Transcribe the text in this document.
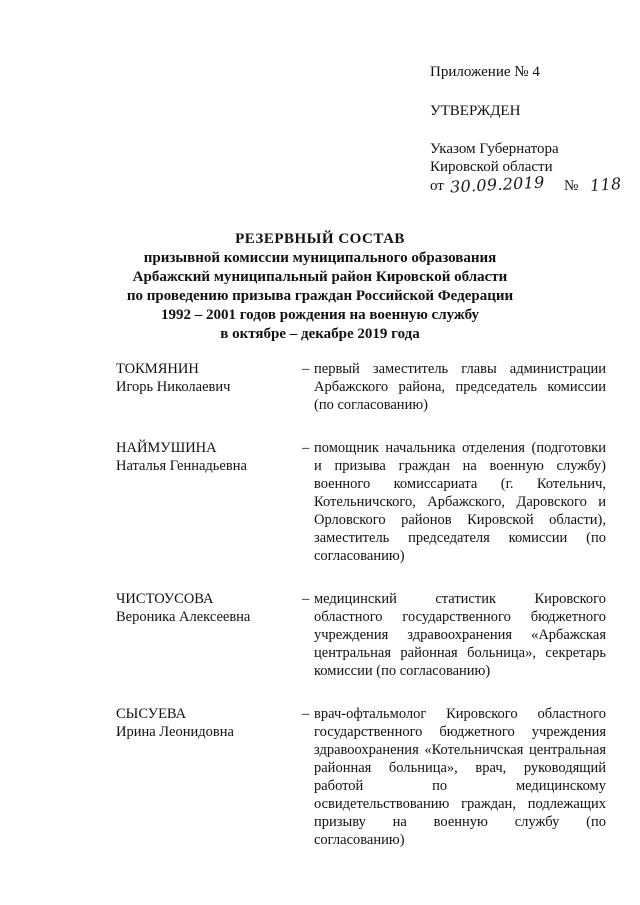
Приложение № 4
УТВЕРЖДЕН
Указом Губернатора
Кировской области
от 30.09.2019 № 118
РЕЗЕРВНЫЙ СОСТАВ
призывной комиссии муниципального образования
Арбажский муниципальный район Кировской области
по проведению призыва граждан Российской Федерации
1992 – 2001 годов рождения на военную службу
в октябре – декабре 2019 года
ТОКМЯНИН
Игорь Николаевич
– первый заместитель главы администрации Арбажского района, председатель комиссии (по согласованию)
НАЙМУШИНА
Наталья Геннадьевна
– помощник начальника отделения (подготовки и призыва граждан на военную службу) военного комиссариата (г. Котельнич, Котельничского, Арбажского, Даровского и Орловского районов Кировской области), заместитель председателя комиссии (по согласованию)
ЧИСТОУСОВА
Вероника Алексеевна
– медицинский статистик Кировского областного государственного бюджетного учреждения здравоохранения «Арбажская центральная районная больница», секретарь комиссии (по согласованию)
СЫСУЕВА
Ирина Леонидовна
– врач-офтальмолог Кировского областного государственного бюджетного учреждения здравоохранения «Котельничская центральная районная больница», врач, руководящий работой по медицинскому освидетельствованию граждан, подлежащих призыву на военную службу (по согласованию)
